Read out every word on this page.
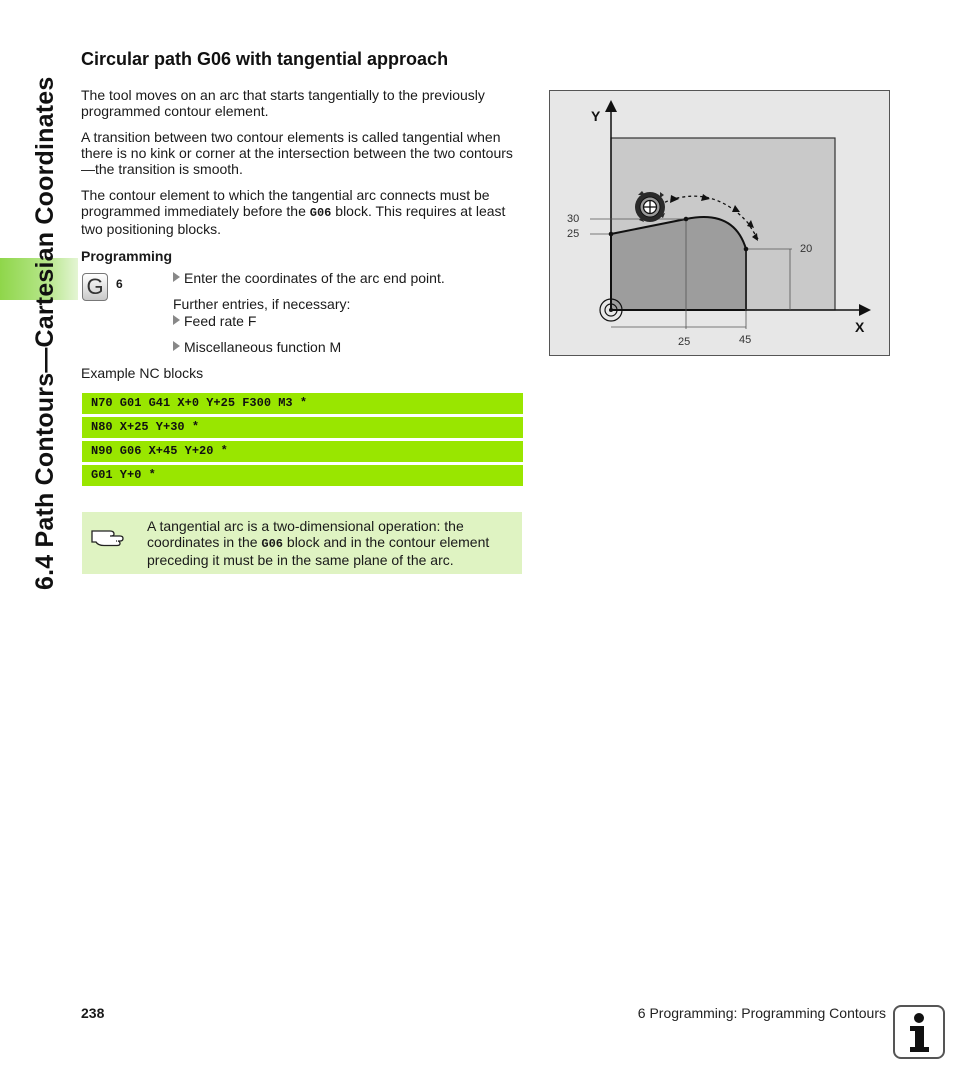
6.4 Path Contours—Cartesian Coordinates
Circular path G06 with tangential approach

The tool moves on an arc that starts tangentially to the previously programmed contour element.

A transition between two contour elements is called tangential when there is no kink or corner at the intersection between the two contours—the transition is smooth.

The contour element to which the tangential arc connects must be programmed immediately before the G06 block. This requires at least two positioning blocks.

Programming
G	6	Enter the coordinates of the arc end point.
Further entries, if necessary:
Feed rate F
Miscellaneous function M
Example NC blocks
N70 G01 G41 X+0 Y+25 F300 M3 *
N80 X+25 Y+30 *
N90 G06 X+45 Y+20 *
G01 Y+0 *
A tangential arc is a two-dimensional operation: the coordinates in the G06 block and in the contour element preceding it must be in the same plane of the arc.
Y
X
30
25
20
25	45
238	6 Programming: Programming Contours
